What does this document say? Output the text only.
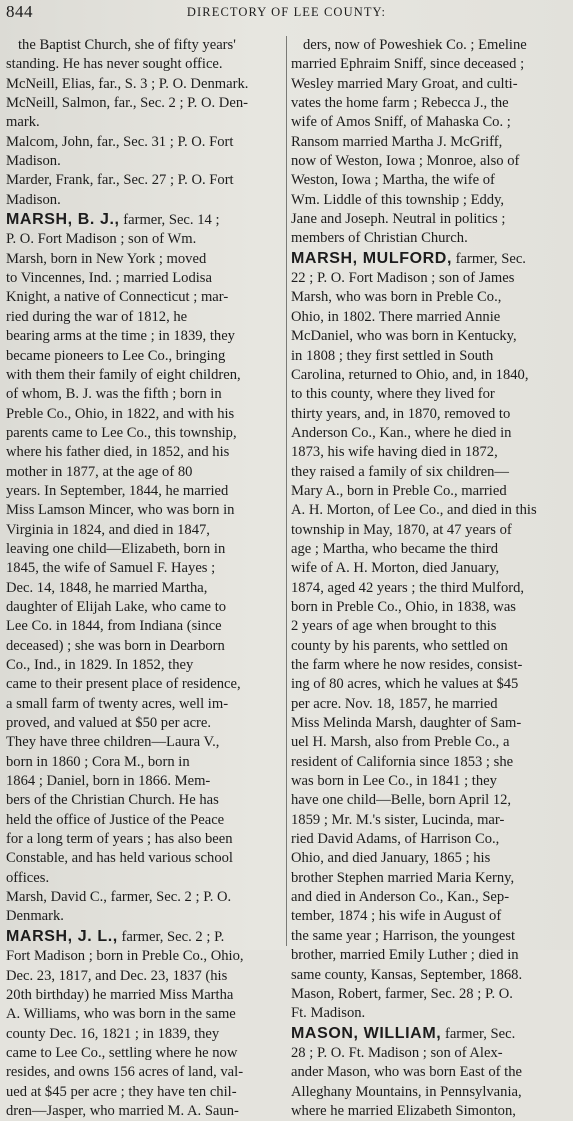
844	DIRECTORY OF LEE COUNTY:
the Baptist Church, she of fifty years'
standing. He has never sought office.
McNeill, Elias, far., S. 3 ; P. O. Denmark.
McNeill, Salmon, far., Sec. 2 ; P. O. Den-
mark.
Malcom, John, far., Sec. 31 ; P. O. Fort
Madison.
Marder, Frank, far., Sec. 27 ; P. O. Fort
Madison.
MARSH, B. J., farmer, Sec. 14 ;
P. O. Fort Madison ; son of Wm.
Marsh, born in New York ; moved
to Vincennes, Ind. ; married Lodisa
Knight, a native of Connecticut ; mar-
ried during the war of 1812, he
bearing arms at the time ; in 1839, they
became pioneers to Lee Co., bringing
with them their family of eight children,
of whom, B. J. was the fifth ; born in
Preble Co., Ohio, in 1822, and with his
parents came to Lee Co., this township,
where his father died, in 1852, and his
mother in 1877, at the age of 80
years. In September, 1844, he married
Miss Lamson Mincer, who was born in
Virginia in 1824, and died in 1847,
leaving one child—Elizabeth, born in
1845, the wife of Samuel F. Hayes ;
Dec. 14, 1848, he married Martha,
daughter of Elijah Lake, who came to
Lee Co. in 1844, from Indiana (since
deceased) ; she was born in Dearborn
Co., Ind., in 1829. In 1852, they
came to their present place of residence,
a small farm of twenty acres, well im-
proved, and valued at $50 per acre.
They have three children—Laura V.,
born in 1860 ; Cora M., born in
1864 ; Daniel, born in 1866. Mem-
bers of the Christian Church. He has
held the office of Justice of the Peace
for a long term of years ; has also been
Constable, and has held various school
offices.
Marsh, David C., farmer, Sec. 2 ; P. O.
Denmark.
MARSH, J. L., farmer, Sec. 2 ; P.
Fort Madison ; born in Preble Co., Ohio,
Dec. 23, 1817, and Dec. 23, 1837 (his
20th birthday) he married Miss Martha
A. Williams, who was born in the same
county Dec. 16, 1821 ; in 1839, they
came to Lee Co., settling where he now
resides, and owns 156 acres of land, val-
ued at $45 per acre ; they have ten chil-
dren—Jasper, who married M. A. Saun-
ders, now of Poweshiek Co. ; Emeline
married Ephraim Sniff, since deceased ;
Wesley married Mary Groat, and culti-
vates the home farm ; Rebecca J., the
wife of Amos Sniff, of Mahaska Co. ;
Ransom married Martha J. McGriff,
now of Weston, Iowa ; Monroe, also of
Weston, Iowa ; Martha, the wife of
Wm. Liddle of this township ; Eddy,
Jane and Joseph. Neutral in politics ;
members of Christian Church.
MARSH, MULFORD, farmer, Sec.
22 ; P. O. Fort Madison ; son of James
Marsh, who was born in Preble Co.,
Ohio, in 1802. There married Annie
McDaniel, who was born in Kentucky,
in 1808 ; they first settled in South
Carolina, returned to Ohio, and, in 1840,
to this county, where they lived for
thirty years, and, in 1870, removed to
Anderson Co., Kan., where he died in
1873, his wife having died in 1872,
they raised a family of six children—
Mary A., born in Preble Co., married
A. H. Morton, of Lee Co., and died in this
township in May, 1870, at 47 years of
age ; Martha, who became the third
wife of A. H. Morton, died January,
1874, aged 42 years ; the third Mulford,
born in Preble Co., Ohio, in 1838, was
2 years of age when brought to this
county by his parents, who settled on
the farm where he now resides, consist-
ing of 80 acres, which he values at $45
per acre. Nov. 18, 1857, he married
Miss Melinda Marsh, daughter of Sam-
uel H. Marsh, also from Preble Co., a
resident of California since 1853 ; she
was born in Lee Co., in 1841 ; they
have one child—Belle, born April 12,
1859 ; Mr. M.'s sister, Lucinda, mar-
ried David Adams, of Harrison Co.,
Ohio, and died January, 1865 ; his
brother Stephen married Maria Kerny,
and died in Anderson Co., Kan., Sep-
tember, 1874 ; his wife in August of
the same year ; Harrison, the youngest
brother, married Emily Luther ; died in
same county, Kansas, September, 1868.
Mason, Robert, farmer, Sec. 28 ; P. O.
Ft. Madison.
MASON, WILLIAM, farmer, Sec.
28 ; P. O. Ft. Madison ; son of Alex-
ander Mason, who was born East of the
Alleghany Mountains, in Pennsylvania,
where he married Elizabeth Simonton,
